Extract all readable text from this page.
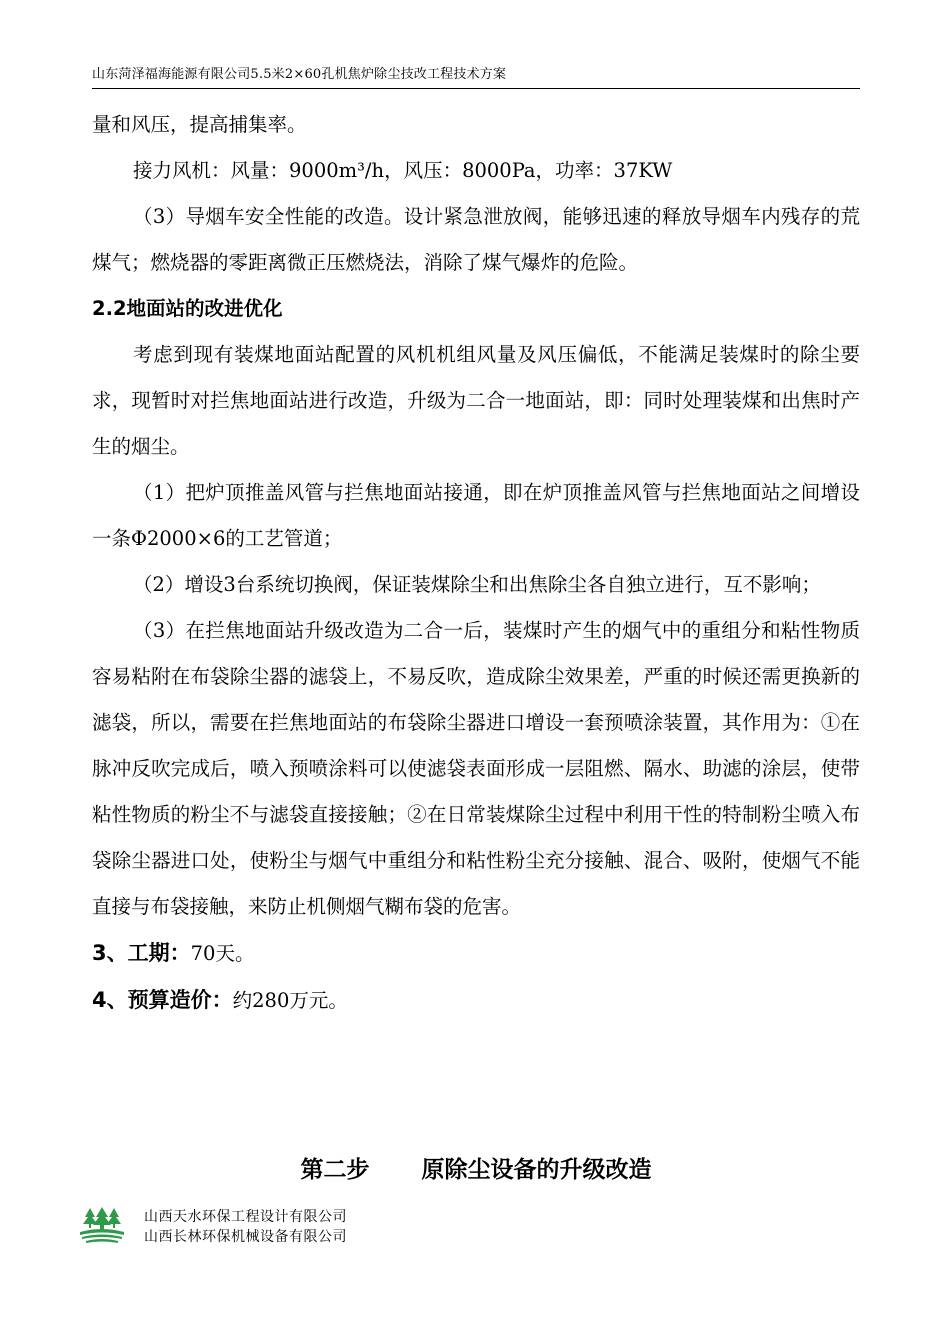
山东菏泽福海能源有限公司5.5米2×60孔机焦炉除尘技改工程技术方案

量和风压，提高捕集率。

接力风机：风量：9000m³/h，风压：8000Pa，功率：37KW

（3）导烟车安全性能的改造。设计紧急泄放阀，能够迅速的释放导烟车内残存的荒煤气；燃烧器的零距离微正压燃烧法，消除了煤气爆炸的危险。

2.2地面站的改进优化

考虑到现有装煤地面站配置的风机机组风量及风压偏低，不能满足装煤时的除尘要求，现暂时对拦焦地面站进行改造，升级为二合一地面站，即：同时处理装煤和出焦时产生的烟尘。

（1）把炉顶推盖风管与拦焦地面站接通，即在炉顶推盖风管与拦焦地面站之间增设一条Φ2000×6的工艺管道；

（2）增设3台系统切换阀，保证装煤除尘和出焦除尘各自独立进行，互不影响；

（3）在拦焦地面站升级改造为二合一后，装煤时产生的烟气中的重组分和粘性物质容易粘附在布袋除尘器的滤袋上，不易反吹，造成除尘效果差，严重的时候还需更换新的滤袋，所以，需要在拦焦地面站的布袋除尘器进口增设一套预喷涂装置，其作用为：①在脉冲反吹完成后，喷入预喷涂料可以使滤袋表面形成一层阻燃、隔水、助滤的涂层，使带粘性物质的粉尘不与滤袋直接接触；②在日常装煤除尘过程中利用干性的特制粉尘喷入布袋除尘器进口处，使粉尘与烟气中重组分和粘性粉尘充分接触、混合、吸附，使烟气不能直接与布袋接触，来防止机侧烟气糊布袋的危害。

3、工期：70天。

4、预算造价：约280万元。

第二步 原除尘设备的升级改造
山西天水环保工程设计有限公司
山西长林环保机械设备有限公司
